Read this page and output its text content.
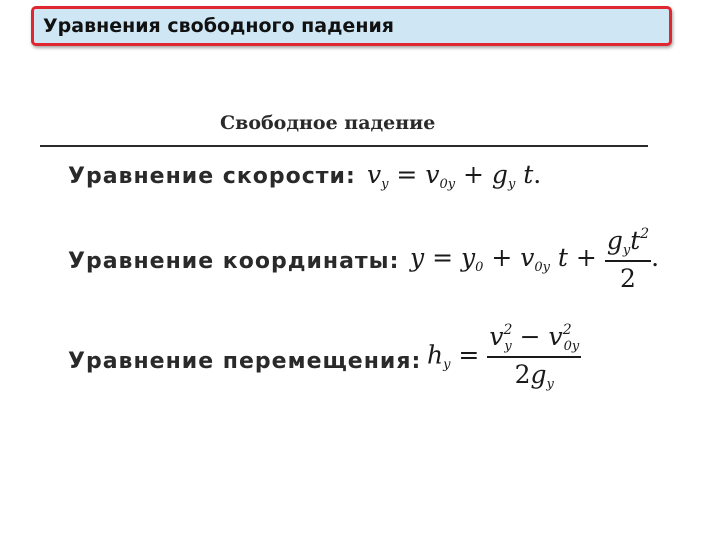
Уравнения свободного падения
Свободное падение
Уравнение скорости: $v_y = v_{0y} + g_y$ t.
Уравнение координаты: $y = y_0 + v_{0y}$ $t + \frac{g_yt^2}{2}$ .
Уравнение перемещения: $h_y = \frac{v^2_y - v^2_{0y}}{2g_y}$
